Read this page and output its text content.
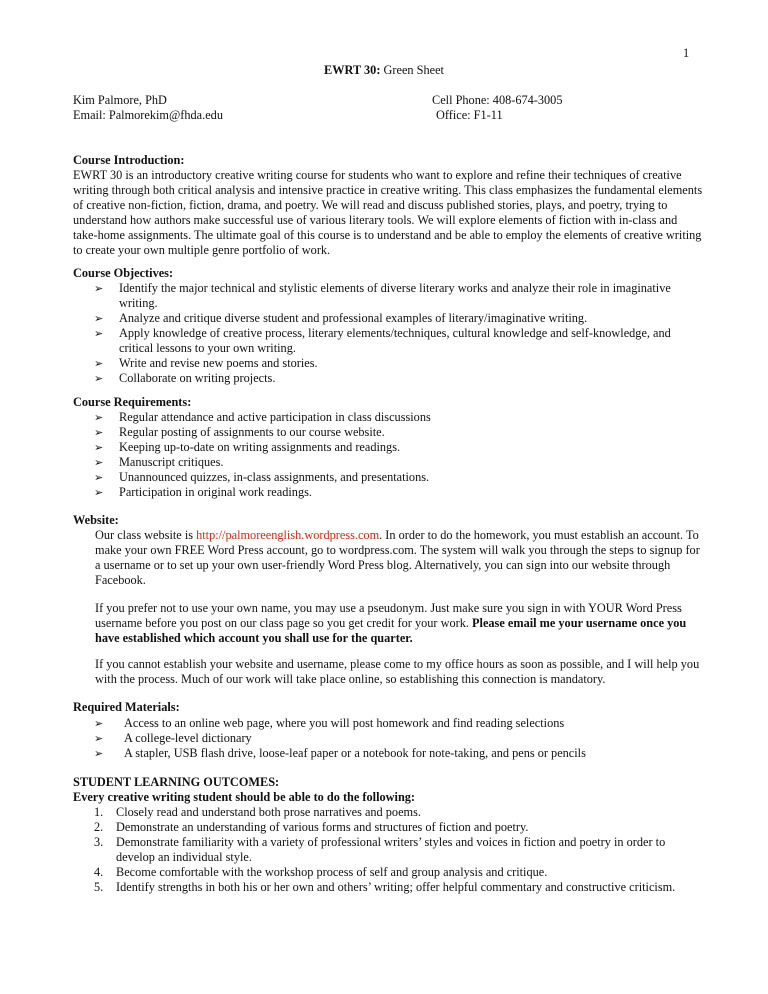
1
EWRT 30: Green Sheet
Kim Palmore, PhD
Email: Palmorekim@fhda.edu
Cell Phone: 408-674-3005
Office: F1-11
Course Introduction:
EWRT 30 is an introductory creative writing course for students who want to explore and refine their techniques of creative writing through both critical analysis and intensive practice in creative writing. This class emphasizes the fundamental elements of creative non-fiction, fiction, drama, and poetry. We will read and discuss published stories, plays, and poetry, trying to understand how authors make successful use of various literary tools. We will explore elements of fiction with in-class and take-home assignments. The ultimate goal of this course is to understand and be able to employ the elements of creative writing to create your own multiple genre portfolio of work.
Course Objectives:
➢ Identify the major technical and stylistic elements of diverse literary works and analyze their role in imaginative writing.
➢ Analyze and critique diverse student and professional examples of literary/imaginative writing.
➢ Apply knowledge of creative process, literary elements/techniques, cultural knowledge and self-knowledge, and critical lessons to your own writing.
➢ Write and revise new poems and stories.
➢ Collaborate on writing projects.
Course Requirements:
➢ Regular attendance and active participation in class discussions
➢ Regular posting of assignments to our course website.
➢ Keeping up-to-date on writing assignments and readings.
➢ Manuscript critiques.
➢ Unannounced quizzes, in-class assignments, and presentations.
➢ Participation in original work readings.
Website:
Our class website is http://palmoreenglish.wordpress.com. In order to do the homework, you must establish an account. To make your own FREE Word Press account, go to wordpress.com. The system will walk you through the steps to signup for a username or to set up your own user-friendly Word Press blog. Alternatively, you can sign into our website through Facebook.
If you prefer not to use your own name, you may use a pseudonym. Just make sure you sign in with YOUR Word Press username before you post on our class page so you get credit for your work. Please email me your username once you have established which account you shall use for the quarter.
If you cannot establish your website and username, please come to my office hours as soon as possible, and I will help you with the process. Much of our work will take place online, so establishing this connection is mandatory.
Required Materials:
➢ Access to an online web page, where you will post homework and find reading selections
➢ A college-level dictionary
➢ A stapler, USB flash drive, loose-leaf paper or a notebook for note-taking, and pens or pencils
STUDENT LEARNING OUTCOMES:
Every creative writing student should be able to do the following:
1. Closely read and understand both prose narratives and poems.
2. Demonstrate an understanding of various forms and structures of fiction and poetry.
3. Demonstrate familiarity with a variety of professional writers’ styles and voices in fiction and poetry in order to develop an individual style.
4. Become comfortable with the workshop process of self and group analysis and critique.
5. Identify strengths in both his or her own and others’ writing; offer helpful commentary and constructive criticism.
